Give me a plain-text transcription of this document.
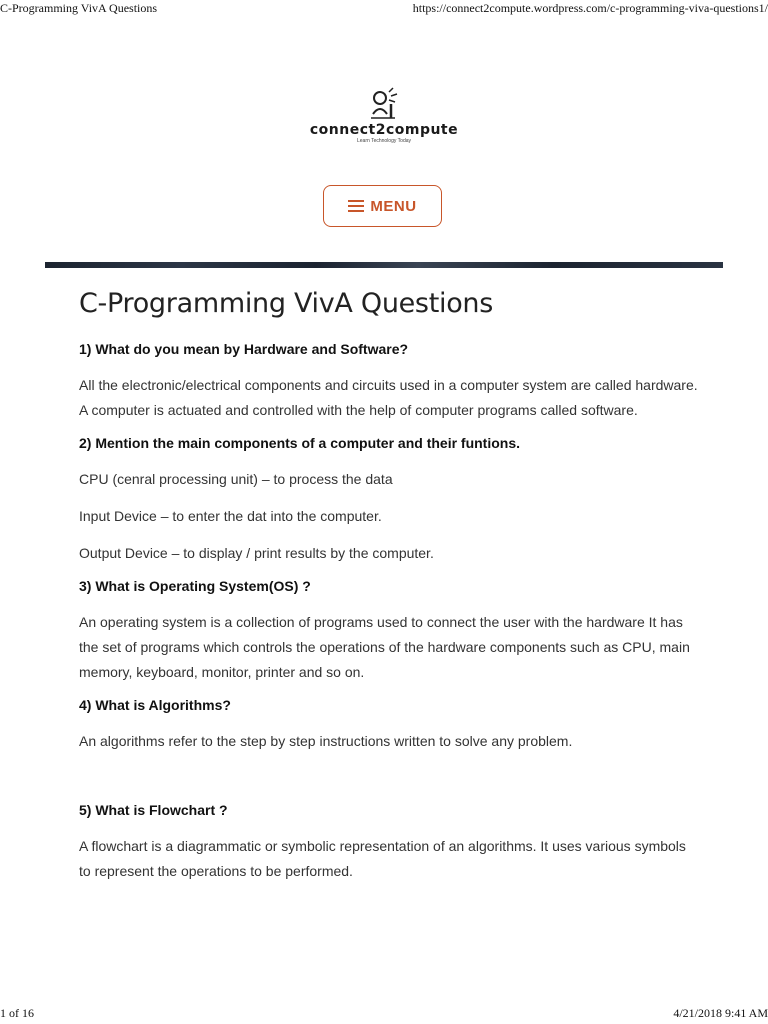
C-Programming VivA Questions	https://connect2compute.wordpress.com/c-programming-viva-questions1/
connect2compute
Learn Technology Today
MENU
C-Programming VivA Questions
1) What do you mean by Hardware and Software?
All the electronic/electrical components and circuits used in a computer system are called hardware. A computer is actuated and controlled with the help of computer programs called software.
2) Mention the main components of a computer and their funtions.
CPU (cenral processing unit) – to process the data
Input Device – to enter the dat into the computer.
Output Device – to display / print results by the computer.
3) What is Operating System(OS) ?
An operating system is a collection of programs used to connect the user with the hardware It has the set of programs which controls the operations of the hardware components such as CPU, main memory, keyboard, monitor, printer and so on.
4) What is Algorithms?
An algorithms refer to the step by step instructions written to solve any problem.
5) What is Flowchart ?
A flowchart is a diagrammatic or symbolic representation of an algorithms. It uses various symbols to represent the operations to be performed.
1 of 16	4/21/2018 9:41 AM
